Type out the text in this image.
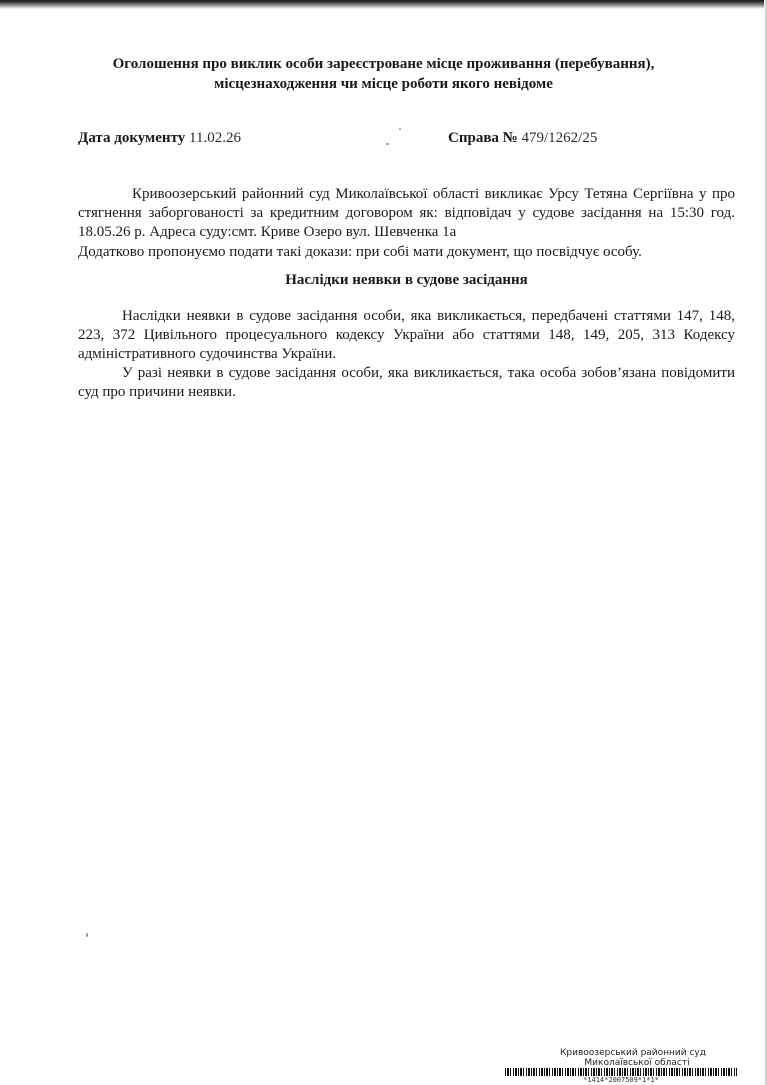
Оголошення про виклик особи зареєстроване місце проживання (перебування),
місцезнаходження чи місце роботи якого невідоме
Дата документу 11.02.26	Справа № 479/1262/25
Кривоозерський районний суд Миколаївської області викликає Урсу Тетяна Сергіївна у про стягнення заборгованості за кредитним договором як: відповідач у судове засідання на 15:30 год. 18.05.26 р. Адреса суду:смт. Криве Озеро вул. Шевченка 1а
Додатково пропонуємо подати такі докази: при собі мати документ, що посвідчує особу.
Наслідки неявки в судове засідання
Наслідки неявки в судове засідання особи, яка викликається, передбачені статтями 147, 148, 223, 372 Цивільного процесуального кодексу України або статтями 148, 149, 205, 313 Кодексу адміністративного судочинства України.
У разі неявки в судове засідання особи, яка викликається, така особа зобов’язана повідомити суд про причини неявки.
Кривоозерський районний суд
Миколаївської області
*1414*2007509*1*1*
